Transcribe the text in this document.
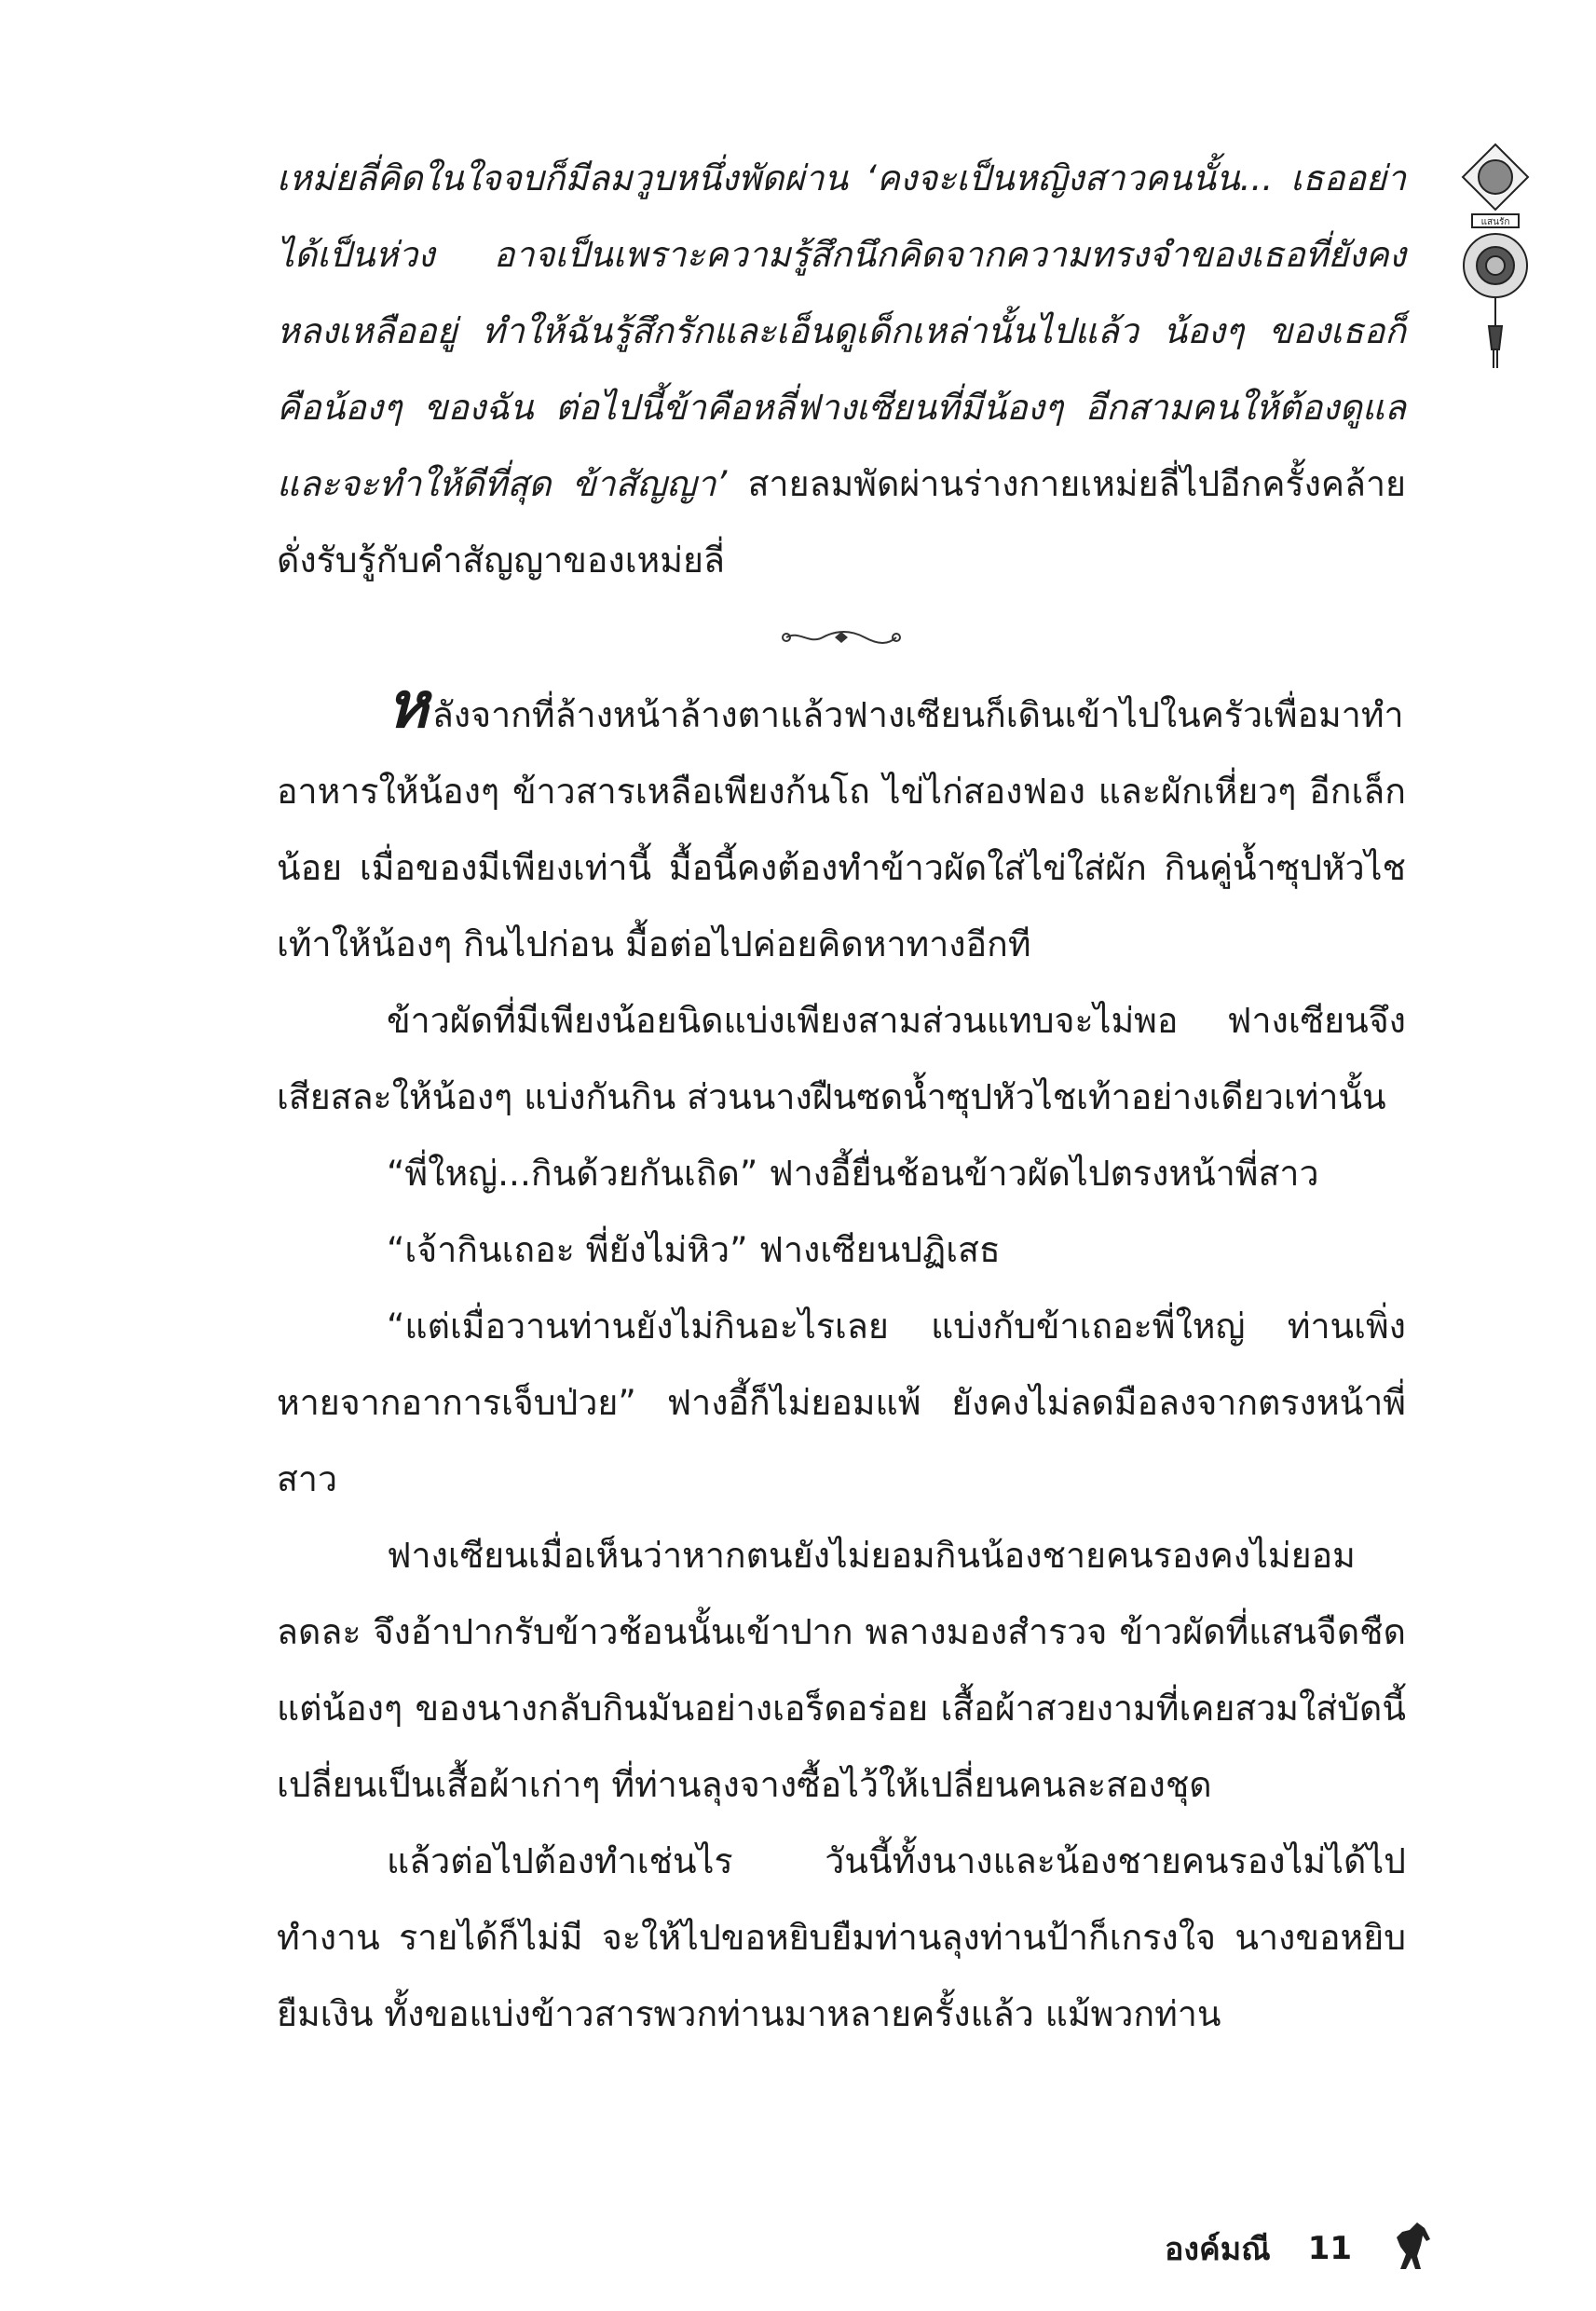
เหม่ยลี่คิดในใจจบก็มีลมวูบหนึ่งพัดผ่าน ‘คงจะเป็นหญิงสาวคนนั้น... เธออย่าได้เป็นห่วง อาจเป็นเพราะความรู้สึกนึกคิดจากความทรงจำของเธอที่ยังคงหลงเหลืออยู่ ทำให้ฉันรู้สึกรักและเอ็นดูเด็กเหล่านั้นไปแล้ว น้องๆ ของเธอก็คือน้องๆ ของฉัน ต่อไปนี้ข้าคือหลี่ฟางเซียนที่มีน้องๆ อีกสามคนให้ต้องดูแล และจะทำให้ดีที่สุด ข้าสัญญา’ สายลมพัดผ่านร่างกายเหม่ยลี่ไปอีกครั้งคล้ายดั่งรับรู้กับคำสัญญาของเหม่ยลี่

หลังจากที่ล้างหน้าล้างตาแล้วฟางเซียนก็เดินเข้าไปในครัวเพื่อมาทำอาหารให้น้องๆ ข้าวสารเหลือเพียงก้นโถ ไข่ไก่สองฟอง และผักเหี่ยวๆ อีกเล็กน้อย เมื่อของมีเพียงเท่านี้ มื้อนี้คงต้องทำข้าวผัดใส่ไข่ใส่ผัก กินคู่น้ำซุปหัวไชเท้าให้น้องๆ กินไปก่อน มื้อต่อไปค่อยคิดหาทางอีกที

ข้าวผัดที่มีเพียงน้อยนิดแบ่งเพียงสามส่วนแทบจะไม่พอ ฟางเซียนจึงเสียสละให้น้องๆ แบ่งกันกิน ส่วนนางฝืนซดน้ำซุปหัวไชเท้าอย่างเดียวเท่านั้น

“พี่ใหญ่...กินด้วยกันเถิด” ฟางอี้ยื่นช้อนข้าวผัดไปตรงหน้าพี่สาว

“เจ้ากินเถอะ พี่ยังไม่หิว” ฟางเซียนปฏิเสธ

“แต่เมื่อวานท่านยังไม่กินอะไรเลย แบ่งกับข้าเถอะพี่ใหญ่ ท่านเพิ่งหายจากอาการเจ็บป่วย” ฟางอี้ก็ไม่ยอมแพ้ ยังคงไม่ลดมือลงจากตรงหน้าพี่สาว

ฟางเซียนเมื่อเห็นว่าหากตนยังไม่ยอมกินน้องชายคนรองคงไม่ยอมลดละ จึงอ้าปากรับข้าวช้อนนั้นเข้าปาก พลางมองสำรวจ ข้าวผัดที่แสนจืดชืด แต่น้องๆ ของนางกลับกินมันอย่างเอร็ดอร่อย เสื้อผ้าสวยงามที่เคยสวมใส่บัดนี้เปลี่ยนเป็นเสื้อผ้าเก่าๆ ที่ท่านลุงจางซื้อไว้ให้เปลี่ยนคนละสองชุด

แล้วต่อไปต้องทำเช่นไร วันนี้ทั้งนางและน้องชายคนรองไม่ได้ไปทำงาน รายได้ก็ไม่มี จะให้ไปขอหยิบยืมท่านลุงท่านป้าก็เกรงใจ นางขอหยิบยืมเงิน ทั้งขอแบ่งข้าวสารพวกท่านมาหลายครั้งแล้ว แม้พวกท่าน

แสนรัก
องค์มณี 11
